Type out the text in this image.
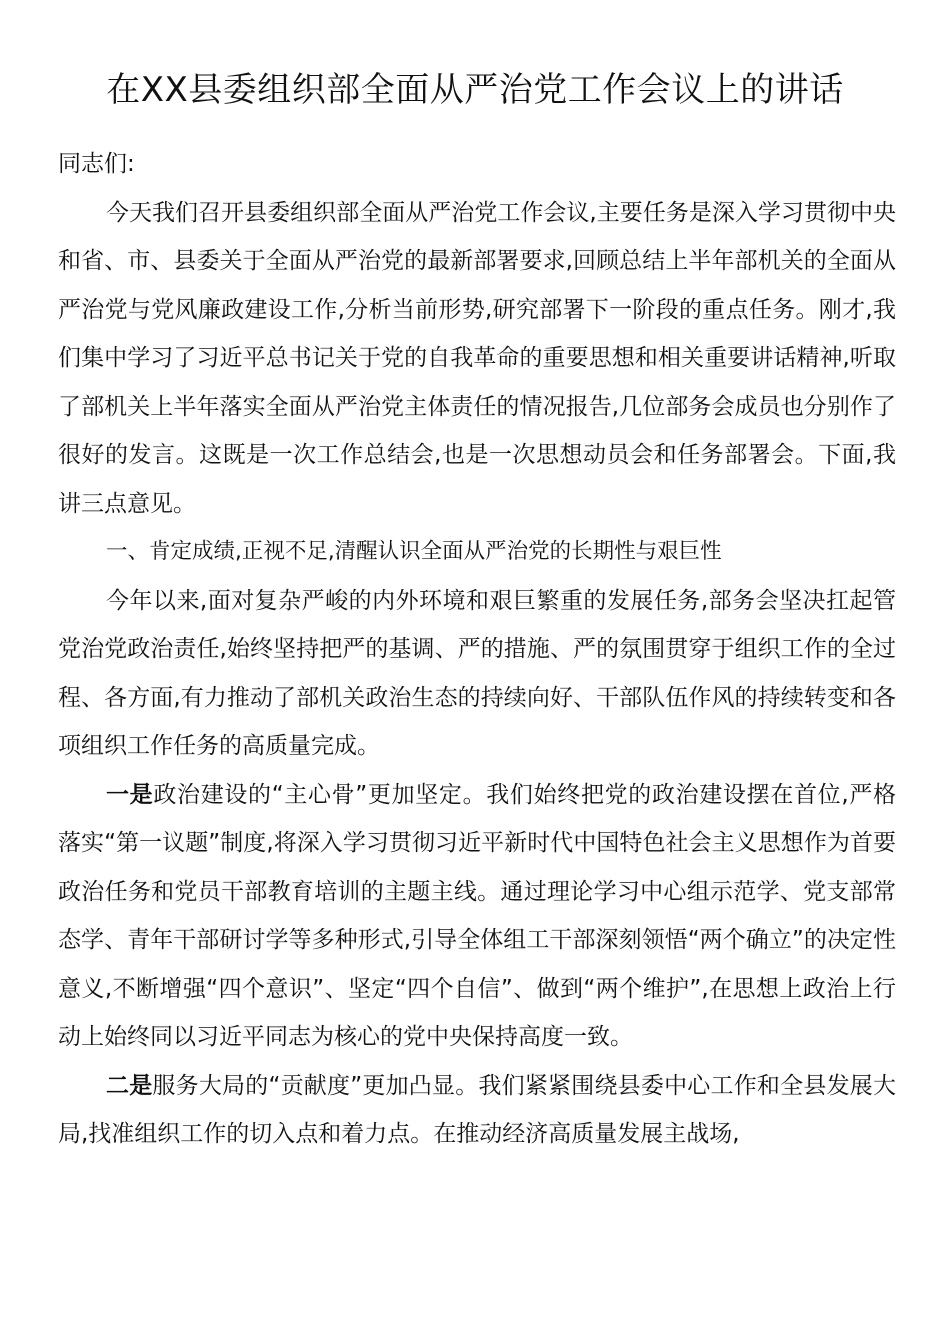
在XX县委组织部全面从严治党工作会议上的讲话

同志们:

今天我们召开县委组织部全面从严治党工作会议,主要任务是深入学习贯彻中央和省、市、县委关于全面从严治党的最新部署要求,回顾总结上半年部机关的全面从严治党与党风廉政建设工作,分析当前形势,研究部署下一阶段的重点任务。刚才,我们集中学习了习近平总书记关于党的自我革命的重要思想和相关重要讲话精神,听取了部机关上半年落实全面从严治党主体责任的情况报告,几位部务会成员也分别作了很好的发言。这既是一次工作总结会,也是一次思想动员会和任务部署会。下面,我讲三点意见。

一、肯定成绩,正视不足,清醒认识全面从严治党的长期性与艰巨性

今年以来,面对复杂严峻的内外环境和艰巨繁重的发展任务,部务会坚决扛起管党治党政治责任,始终坚持把严的基调、严的措施、严的氛围贯穿于组织工作的全过程、各方面,有力推动了部机关政治生态的持续向好、干部队伍作风的持续转变和各项组织工作任务的高质量完成。

一是政治建设的“主心骨”更加坚定。我们始终把党的政治建设摆在首位,严格落实“第一议题”制度,将深入学习贯彻习近平新时代中国特色社会主义思想作为首要政治任务和党员干部教育培训的主题主线。通过理论学习中心组示范学、党支部常态学、青年干部研讨学等多种形式,引导全体组工干部深刻领悟“两个确立”的决定性意义,不断增强“四个意识”、坚定“四个自信”、做到“两个维护”,在思想上政治上行动上始终同以习近平同志为核心的党中央保持高度一致。

二是服务大局的“贡献度”更加凸显。我们紧紧围绕县委中心工作和全县发展大局,找准组织工作的切入点和着力点。在推动经济高质量发展主战场,
